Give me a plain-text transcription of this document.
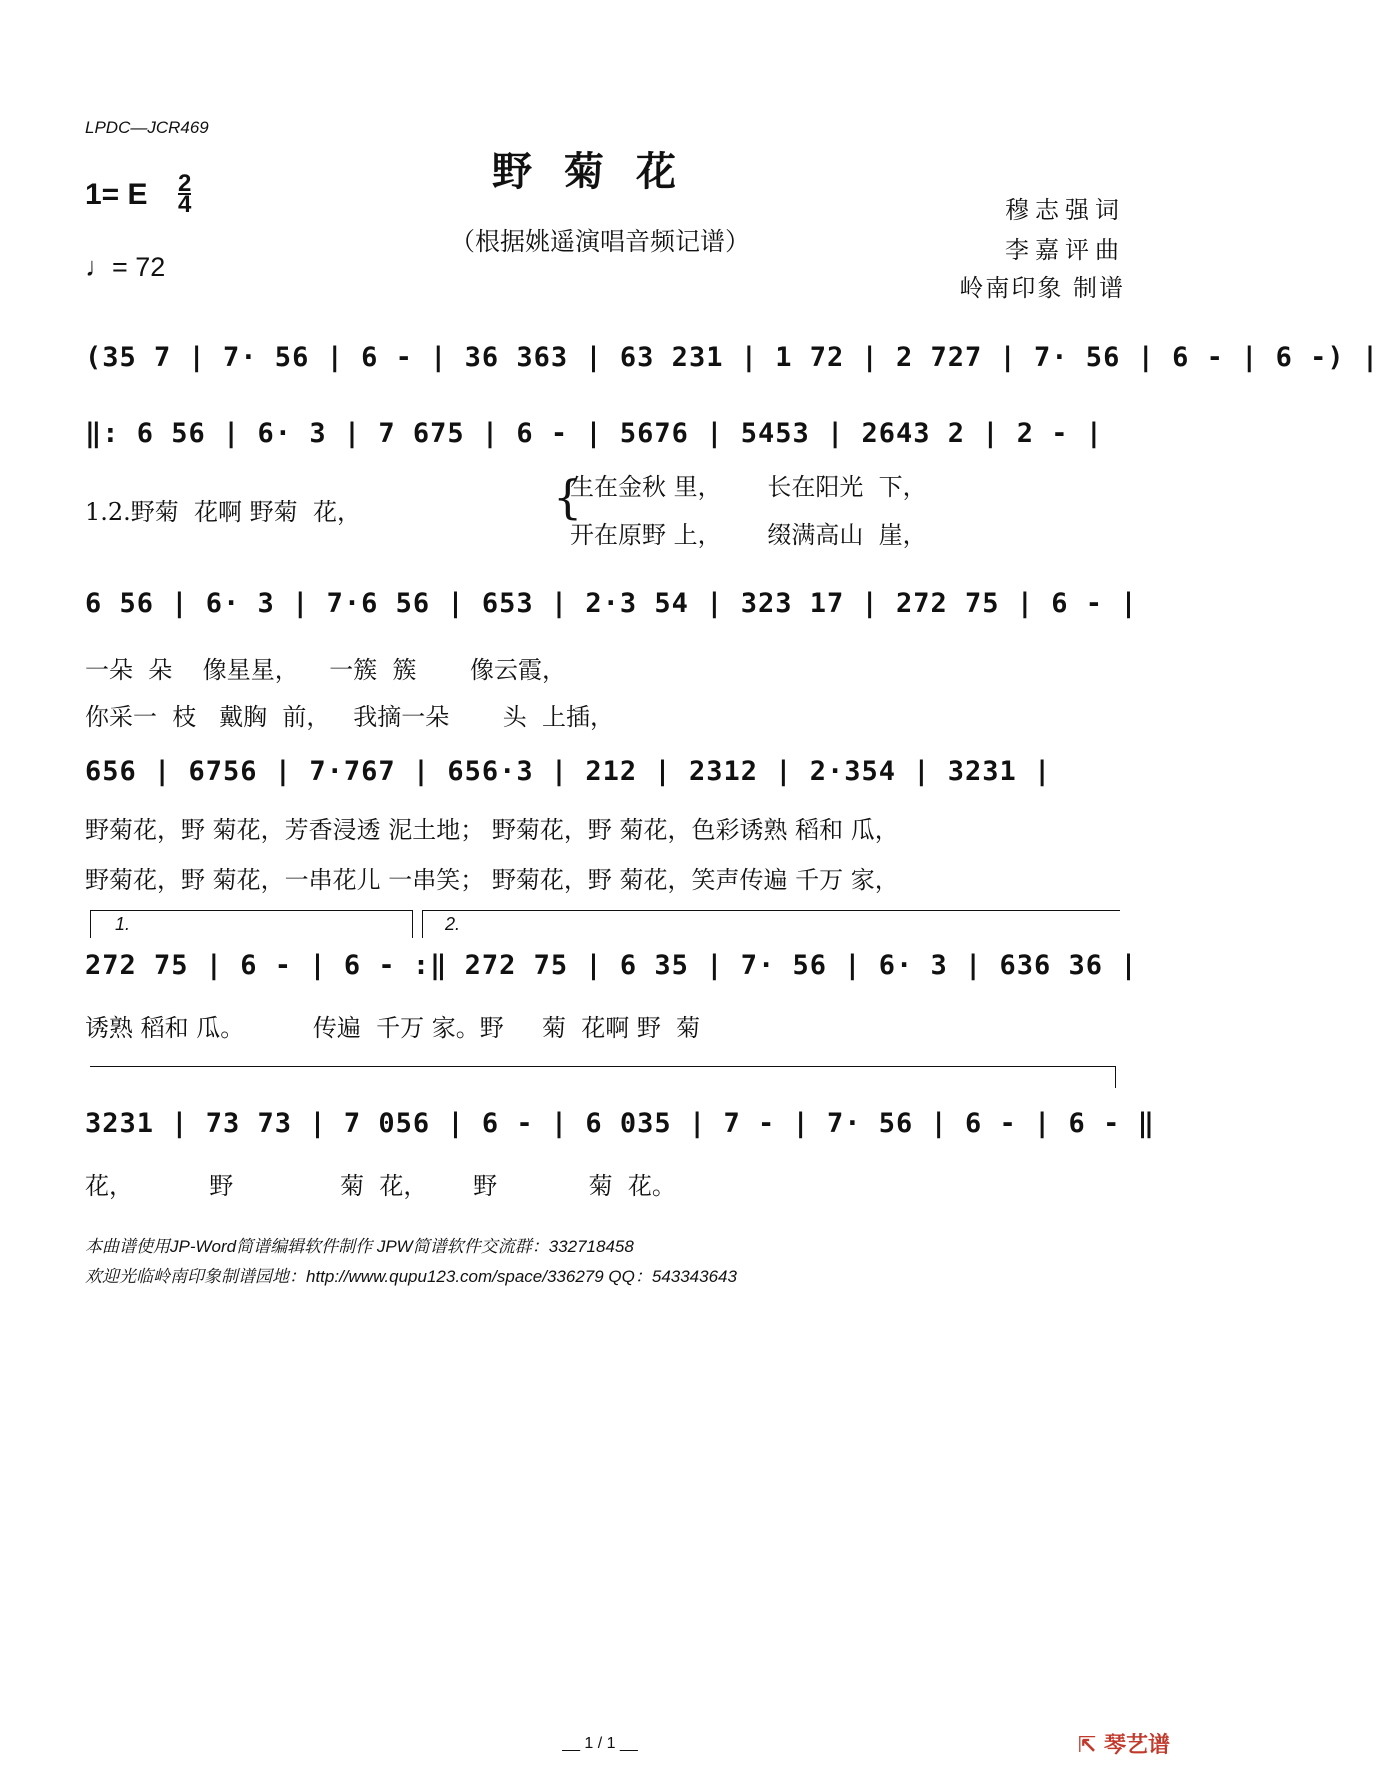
LPDC—JCR469
野菊花
（根据姚遥演唱音频记谱）
1= E 2
4
♩= 72
穆志强词
李嘉评曲
岭南印象 制谱
(35 7 | 7· 56 | 6 - | 36 363 | 63 231 | 1 72 | 2 727 | 7· 56 | 6 - | 6 -) |
‖: 6 56 | 6· 3 | 7 675 | 6 - | 5676 | 5453 | 2643 2 | 2 - |
1.2.野菊  花啊 野菊  花，
生在金秋 里，      长在阳光  下，
开在原野 上，      缀满高山  崖，
{
6 56 | 6· 3 | 7·6 56 | 653 | 2·3 54 | 323 17 | 272 75 | 6 - |
一朵  朵    像星星，    一簇  簇       像云霞，
你采一  枝   戴胸  前，   我摘一朵       头  上插，
656 | 6756 | 7·767 | 656·3 | 212 | 2312 | 2·354 | 3231 |
野菊花，野 菊花，芳香浸透 泥土地； 野菊花，野 菊花，色彩诱熟 稻和 瓜，
野菊花，野 菊花，一串花儿 一串笑； 野菊花，野 菊花，笑声传遍 千万 家，
1.	2.
272 75 | 6 - | 6 - :‖ 272 75 | 6 35 | 7· 56 | 6· 3 | 636 36 |
诱熟 稻和 瓜。         传遍  千万 家。野     菊  花啊 野  菊
3231 | 73 73 | 7 056 | 6 - | 6 035 | 7 - | 7· 56 | 6 - | 6 - ‖
花，          野              菊  花，      野            菊  花。
本曲谱使用JP-Word简谱编辑软件制作 JPW简谱软件交流群：332718458
欢迎光临岭南印象制谱园地：http://www.qupu123.com/space/336279 QQ：543343643
__ 1 / 1 __	⇱ 琴艺谱
